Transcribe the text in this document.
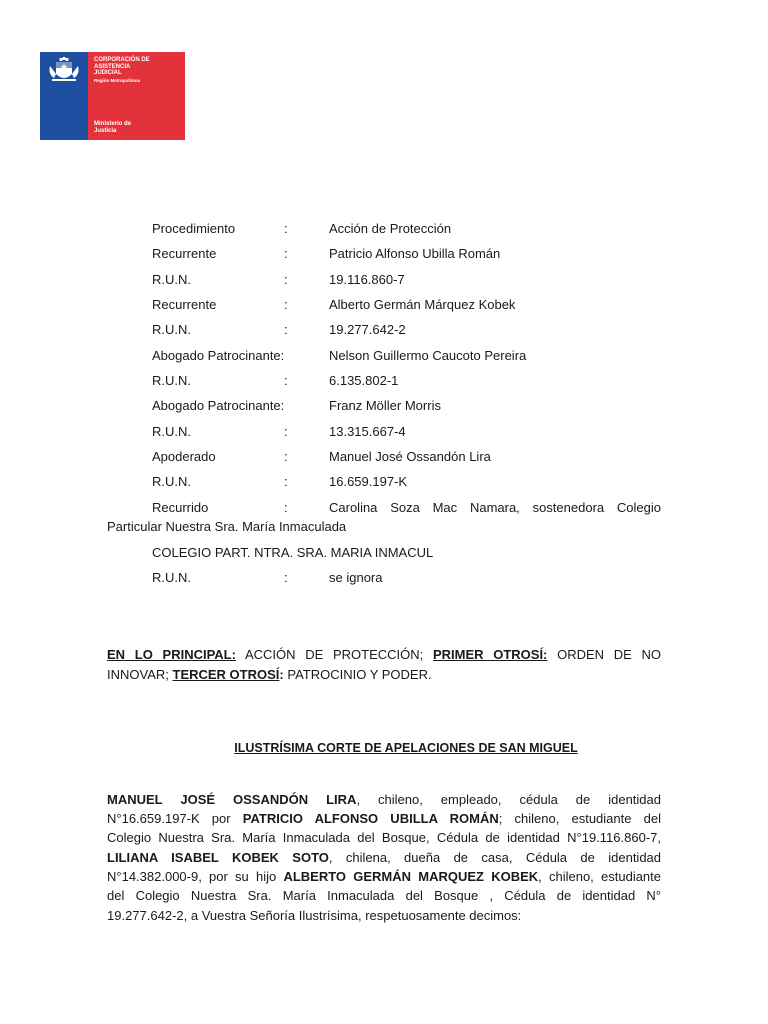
CORPORACIÓN DE
ASISTENCIA
JUDICIAL
Región Metropolitana
Ministerio de
Justicia
Procedimiento	:	Acción de Protección
Recurrente	:	Patricio Alfonso Ubilla Román
R.U.N.	:	19.116.860-7
Recurrente	:	Alberto Germán Márquez Kobek
R.U.N.	:	19.277.642-2
Abogado Patrocinante:	Nelson Guillermo Caucoto Pereira
R.U.N.	:	6.135.802-1
Abogado Patrocinante:	Franz Möller Morris
R.U.N.	:	13.315.667-4
Apoderado	:	Manuel José Ossandón Lira
R.U.N.	:	16.659.197-K
Recurrido	:	Carolina Soza Mac Namara, sostenedora Colegio
Particular Nuestra Sra. María Inmaculada
COLEGIO PART. NTRA. SRA. MARIA INMACUL
R.U.N.	:	se ignora
EN LO PRINCIPAL: ACCIÓN DE PROTECCIÓN; PRIMER OTROSÍ: ORDEN DE NO
INNOVAR; TERCER OTROSÍ: PATROCINIO Y PODER.
ILUSTRÍSIMA CORTE DE APELACIONES DE SAN MIGUEL
MANUEL JOSÉ OSSANDÓN LIRA, chileno, empleado, cédula de identidad
N°16.659.197-K por PATRICIO ALFONSO UBILLA ROMÁN; chileno, estudiante del
Colegio Nuestra Sra. María Inmaculada del Bosque, Cédula de identidad N°19.116.860-7,
LILIANA ISABEL KOBEK SOTO, chilena, dueña de casa, Cédula de identidad
N°14.382.000-9, por su hijo ALBERTO GERMÁN MARQUEZ KOBEK, chileno, estudiante
del Colegio Nuestra Sra. María Inmaculada del Bosque , Cédula de identidad N°
19.277.642-2, a Vuestra Señoría Ilustrísima, respetuosamente decimos:
